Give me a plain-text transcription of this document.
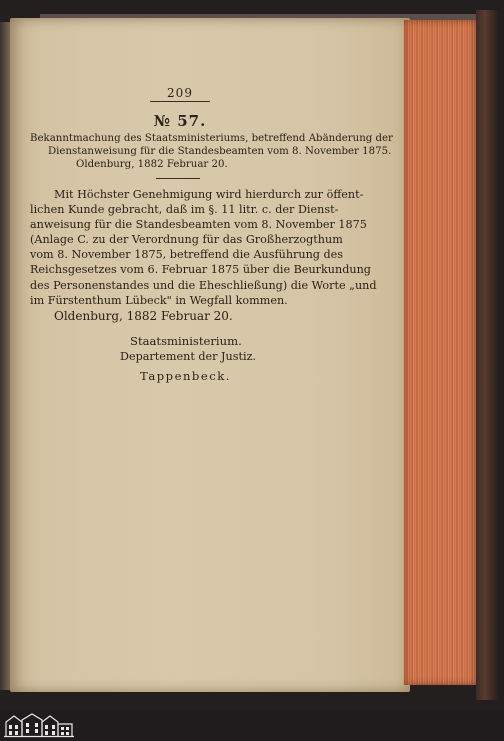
209
№ 57.
Bekanntmachung des Staatsministeriums, betreffend Abänderung der
Dienstanweisung für die Standesbeamten vom 8. November 1875.
Oldenburg, 1882 Februar 20.
Mit Höchster Genehmigung wird hierdurch zur öffent-
lichen Kunde gebracht, daß im §. 11 litr. c. der Dienst-
anweisung für die Standesbeamten vom 8. November 1875
(Anlage C. zu der Verordnung für das Großherzogthum
vom 8. November 1875, betreffend die Ausführung des
Reichsgesetzes vom 6. Februar 1875 über die Beurkundung
des Personenstandes und die Eheschließung) die Worte „und
im Fürstenthum Lübeck" in Wegfall kommen.
Oldenburg, 1882 Februar 20.
Staatsministerium.
Departement der Justiz.
Tappenbeck.
